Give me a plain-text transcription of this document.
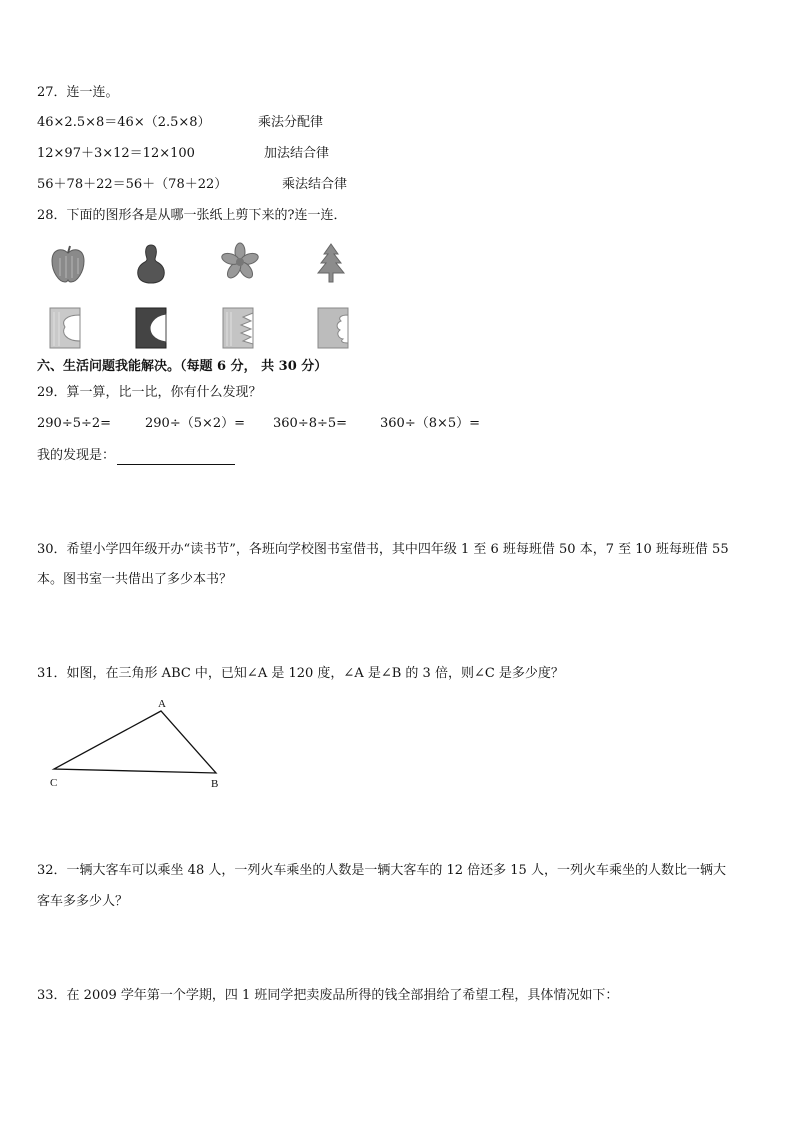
27．连一连。
46×2.5×8＝46×（2.5×8）	乘法分配律
12×97＋3×12＝12×100	加法结合律
56＋78＋22＝56＋（78＋22）	乘法结合律
28．下面的图形各是从哪一张纸上剪下来的?连一连．
六、生活问题我能解决。（每题 6 分， 共 30 分）
29．算一算，比一比，你有什么发现？
290÷5÷2=	290÷（5×2）= 360÷8÷5=	360÷（8×5）=
我的发现是：
30．希望小学四年级开办“读书节”，各班向学校图书室借书，其中四年级 1 至 6 班每班借 50 本，7 至 10 班每班借 55
本。图书室一共借出了多少本书？
31．如图，在三角形 ABC 中，已知∠A 是 120 度，∠A 是∠B 的 3 倍，则∠C 是多少度？
A
C	B
32．一辆大客车可以乘坐 48 人，一列火车乘坐的人数是一辆大客车的 12 倍还多 15 人，一列火车乘坐的人数比一辆大
客车多多少人？
33．在 2009 学年第一个学期，四 1 班同学把卖废品所得的钱全部捐给了希望工程，具体情况如下：
